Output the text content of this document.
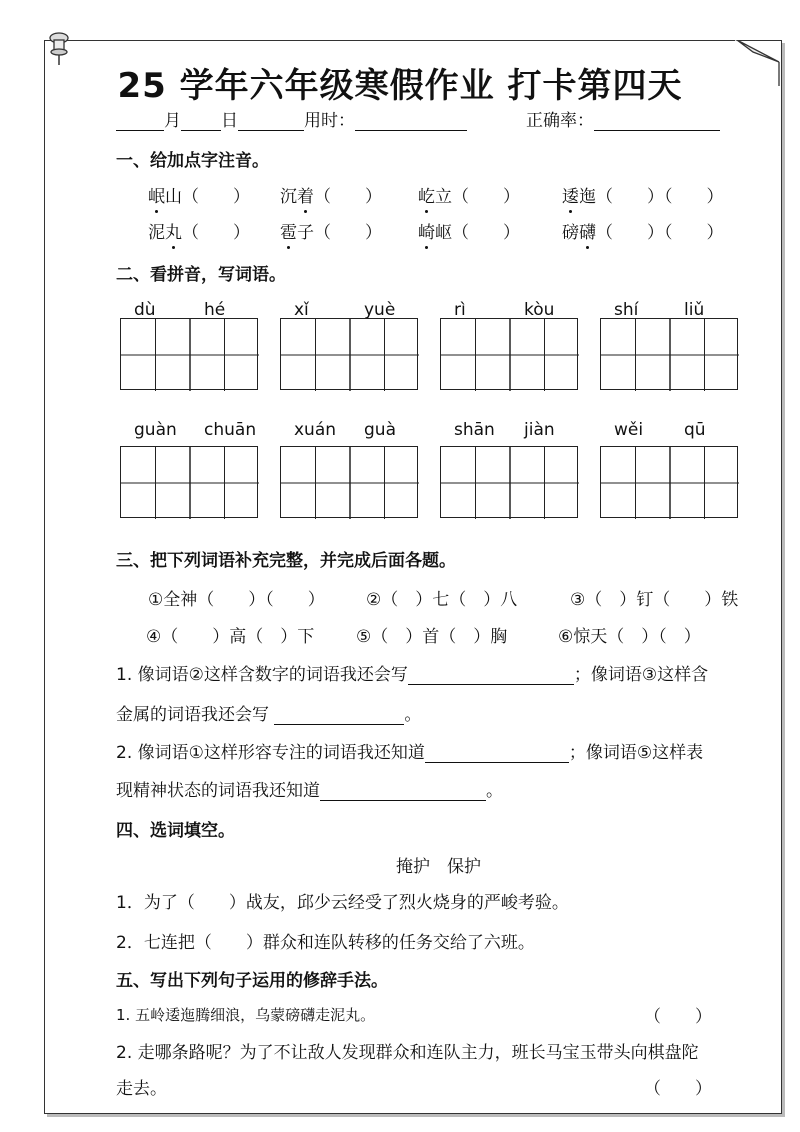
25 学年六年级寒假作业 打卡第四天
月 日	用时：	正确率：
一、给加点字注音。
岷山（　　） 沉着（　　） 屹立（　　） 逶迤（　　）（　　）
泥丸（　　） 雹子（　　） 崎岖（　　） 磅礴（　　）（　　）
二、看拼音，写词语。
dù	hé	xǐ	yuè	rì	kòu	shí	liǔ
guàn chuān xuán guà	shān jiàn	wěi qū
三、把下列词语补充完整，并完成后面各题。
①全神（　　）（　　） ②（　）七（　）八	③（　）钉（　　）铁
④（　　）高（　）下 ⑤（　）首（　）胸	⑥惊天（　）（　）
1. 像词语②这样含数字的词语我还会写	；像词语③这样含
金属的词语我还会写	。
2. 像词语①这样形容专注的词语我还知道	；像词语⑤这样表
现精神状态的词语我还知道	。
四、选词填空。
掩护　保护
1．为了（　　）战友，邱少云经受了烈火烧身的严峻考验。
2．七连把（　　）群众和连队转移的任务交给了六班。
五、写出下列句子运用的修辞手法。
1. 五岭逶迤腾细浪，乌蒙磅礴走泥丸。	（　　）
2. 走哪条路呢？为了不让敌人发现群众和连队主力，班长马宝玉带头向棋盘陀
走去。	（　　）
